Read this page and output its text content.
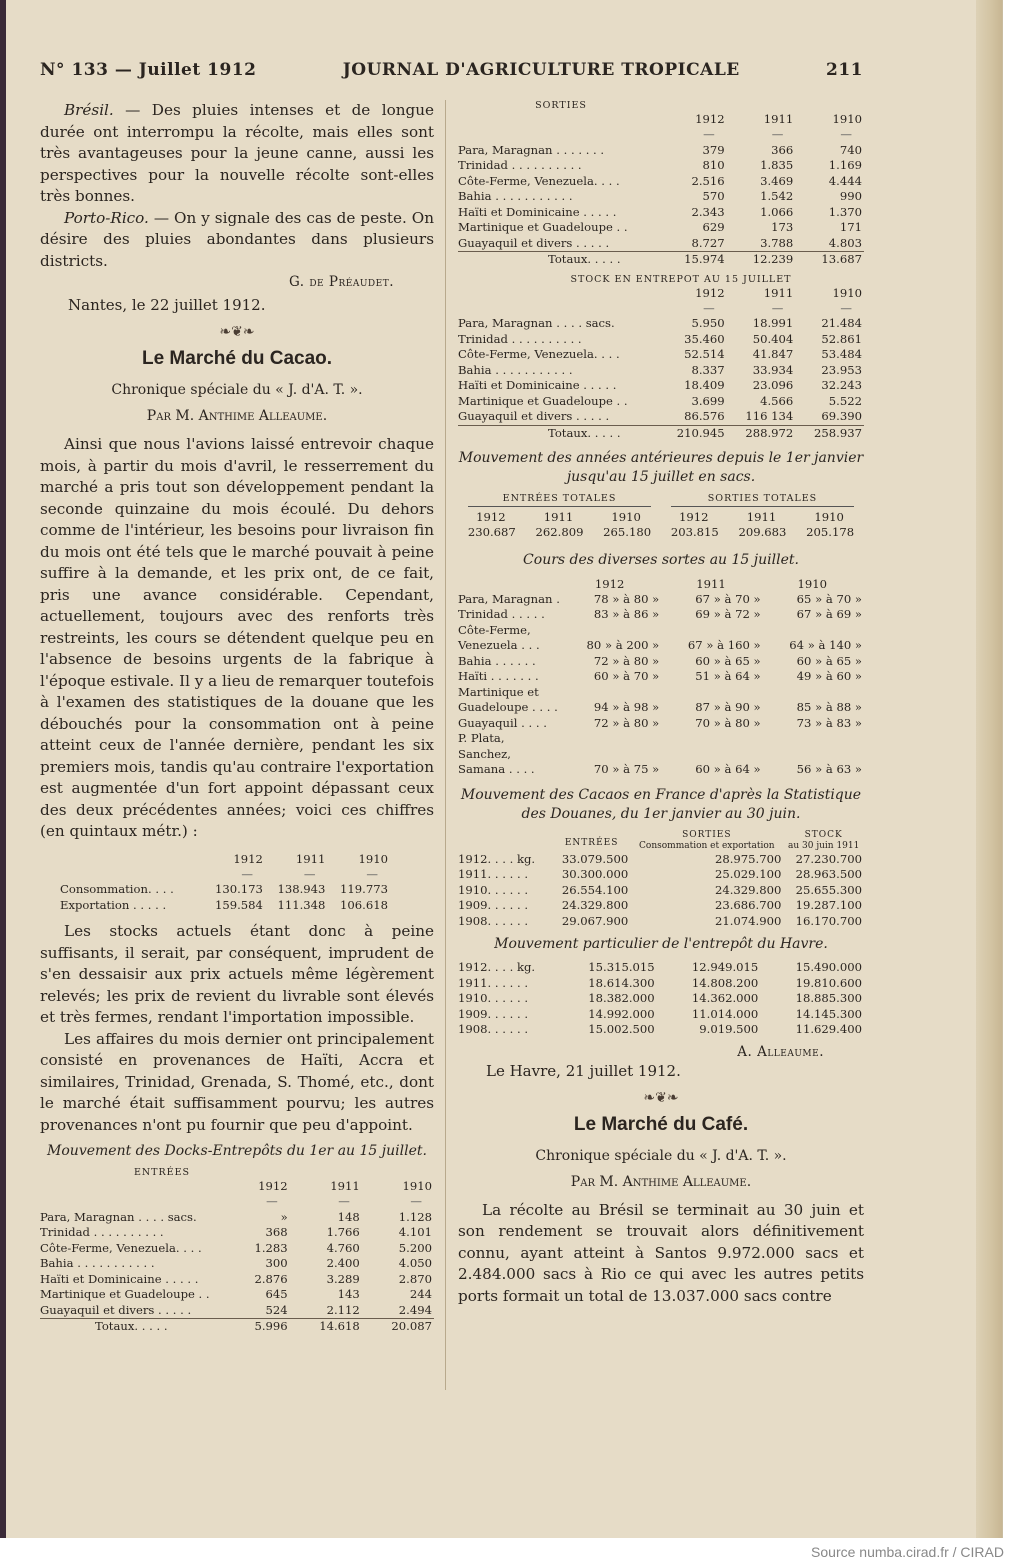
N° 133 — Juillet 1912	JOURNAL D'AGRICULTURE TROPICALE	211

Brésil. — Des pluies intenses et de longue durée ont interrompu la récolte, mais elles sont très avantageuses pour la jeune canne, aussi les perspectives pour la nouvelle récolte sont-elles très bonnes.

Porto-Rico. — On y signale des cas de peste. On désire des pluies abondantes dans plusieurs districts.

G. de Préaudet.
Nantes, le 22 juillet 1912.
❧❦❧
Le Marché du Cacao.
Chronique spéciale du « J. d'A. T. ».
Par M. Anthime Alleaume.

Ainsi que nous l'avions laissé entrevoir chaque mois, à partir du mois d'avril, le resserrement du marché a pris tout son développement pendant la seconde quinzaine du mois écoulé. Du dehors comme de l'intérieur, les besoins pour livraison fin du mois ont été tels que le marché pouvait à peine suffire à la demande, et les prix ont, de ce fait, pris une avance considérable. Cependant, actuellement, toujours avec des renforts très restreints, les cours se détendent quelque peu en l'absence de besoins urgents de la fabrique à l'époque estivale. Il y a lieu de remarquer toutefois à l'examen des statistiques de la douane que les débouchés pour la consommation ont à peine atteint ceux de l'année dernière, pendant les six premiers mois, tandis qu'au contraire l'exportation est augmentée d'un fort appoint dépassant ceux des deux précédentes années; voici ces chiffres (en quintaux métr.) :

	1912	1911	1910
	—	—	—
Consommation. . . .	130.173	138.943	119.773
Exportation . . . . .	159.584	111.348	106.618

Les stocks actuels étant donc à peine suffisants, il serait, par conséquent, imprudent de s'en dessaisir aux prix actuels même légèrement relevés; les prix de revient du livrable sont élevés et très fermes, rendant l'importation impossible.

Les affaires du mois dernier ont principalement consisté en provenances de Haïti, Accra et similaires, Trinidad, Grenada, S. Thomé, etc., dont le marché était suffisamment pourvu; les autres provenances n'ont pu fournir que peu d'appoint.

Mouvement des Docks-Entrepôts du 1er au 15 juillet.
ENTRÉES
	1912	1911	1910
	—	—	—
Para, Maragnan . . . . sacs.	»	148	1.128
Trinidad . . . . . . . . . .	368	1.766	4.101
Côte-Ferme, Venezuela. . . .	1.283	4.760	5.200
Bahia . . . . . . . . . . .	300	2.400	4.050
Haïti et Dominicaine . . . . .	2.876	3.289	2.870
Martinique et Guadeloupe . .	645	143	244
Guayaquil et divers . . . . .	524	2.112	2.494
Totaux. . . . .	5.996	14.618	20.087
SORTIES
	1912	1911	1910
	—	—	—
Para, Maragnan . . . . . . .	379	366	740
Trinidad . . . . . . . . . .	810	1.835	1.169
Côte-Ferme, Venezuela. . . .	2.516	3.469	4.444
Bahia . . . . . . . . . . .	570	1.542	990
Haïti et Dominicaine . . . . .	2.343	1.066	1.370
Martinique et Guadeloupe . .	629	173	171
Guayaquil et divers . . . . .	8.727	3.788	4.803
Totaux. . . . .	15.974	12.239	13.687
STOCK EN ENTREPOT AU 15 JUILLET
	1912	1911	1910
	—	—	—
Para, Maragnan . . . . sacs.	5.950	18.991	21.484
Trinidad . . . . . . . . . .	35.460	50.404	52.861
Côte-Ferme, Venezuela. . . .	52.514	41.847	53.484
Bahia . . . . . . . . . . .	8.337	33.934	23.953
Haïti et Dominicaine . . . . .	18.409	23.096	32.243
Martinique et Guadeloupe . .	3.699	4.566	5.522
Guayaquil et divers . . . . .	86.576	116 134	69.390
Totaux. . . . .	210.945	288.972	258.937
Mouvement des années antérieures depuis le 1er janvier jusqu'au 15 juillet en sacs.
ENTRÉES TOTALES	SORTIES TOTALES
1912	1911	1910	1912	1911	1910
230.687	262.809	265.180	203.815	209.683	205.178
Cours des diverses sortes au 15 juillet.
	1912	1911	1910
Para, Maragnan .	78 » à 80 »	67 » à 70 »	65 » à 70 »
Trinidad . . . . .	83 » à 86 »	69 » à 72 »	67 » à 69 »
Côte-Ferme, Venezuela . . .	80 » à 200 »	67 » à 160 »	64 » à 140 »
Bahia . . . . . .	72 » à 80 »	60 » à 65 »	60 » à 65 »
Haïti . . . . . . .	60 » à 70 »	51 » à 64 »	49 » à 60 »
Martinique et Guadeloupe . . . .	94 » à 98 »	87 » à 90 »	85 » à 88 »
Guayaquil . . . .	72 » à 80 »	70 » à 80 »	73 » à 83 »
P. Plata, Sanchez, Samana . . . .	70 » à 75 »	60 » à 64 »	56 » à 63 »
Mouvement des Cacaos en France d'après la Statistique des Douanes, du 1er janvier au 30 juin.
	ENTRÉES	SORTIES
Consommation et exportation	STOCK
au 30 juin 1911
1912. . . . kg.	33.079.500	28.975.700	27.230.700
1911. . . . . .	30.300.000	25.029.100	28.963.500
1910. . . . . .	26.554.100	24.329.800	25.655.300
1909. . . . . .	24.329.800	23.686.700	19.287.100
1908. . . . . .	29.067.900	21.074.900	16.170.700
Mouvement particulier de l'entrepôt du Havre.
1912. . . . kg.	15.315.015	12.949.015	15.490.000
1911. . . . . .	18.614.300	14.808.200	19.810.600
1910. . . . . .	18.382.000	14.362.000	18.885.300
1909. . . . . .	14.992.000	11.014.000	14.145.300
1908. . . . . .	15.002.500	9.019.500	11.629.400
A. Alleaume.
Le Havre, 21 juillet 1912.
❧❦❧
Le Marché du Café.
Chronique spéciale du « J. d'A. T. ».
Par M. Anthime Alleaume.

La récolte au Brésil se terminait au 30 juin et son rendement se trouvait alors définitivement connu, ayant atteint à Santos 9.972.000 sacs et 2.484.000 sacs à Rio ce qui avec les autres petits ports formait un total de 13.037.000 sacs contre

Source numba.cirad.fr / CIRAD
